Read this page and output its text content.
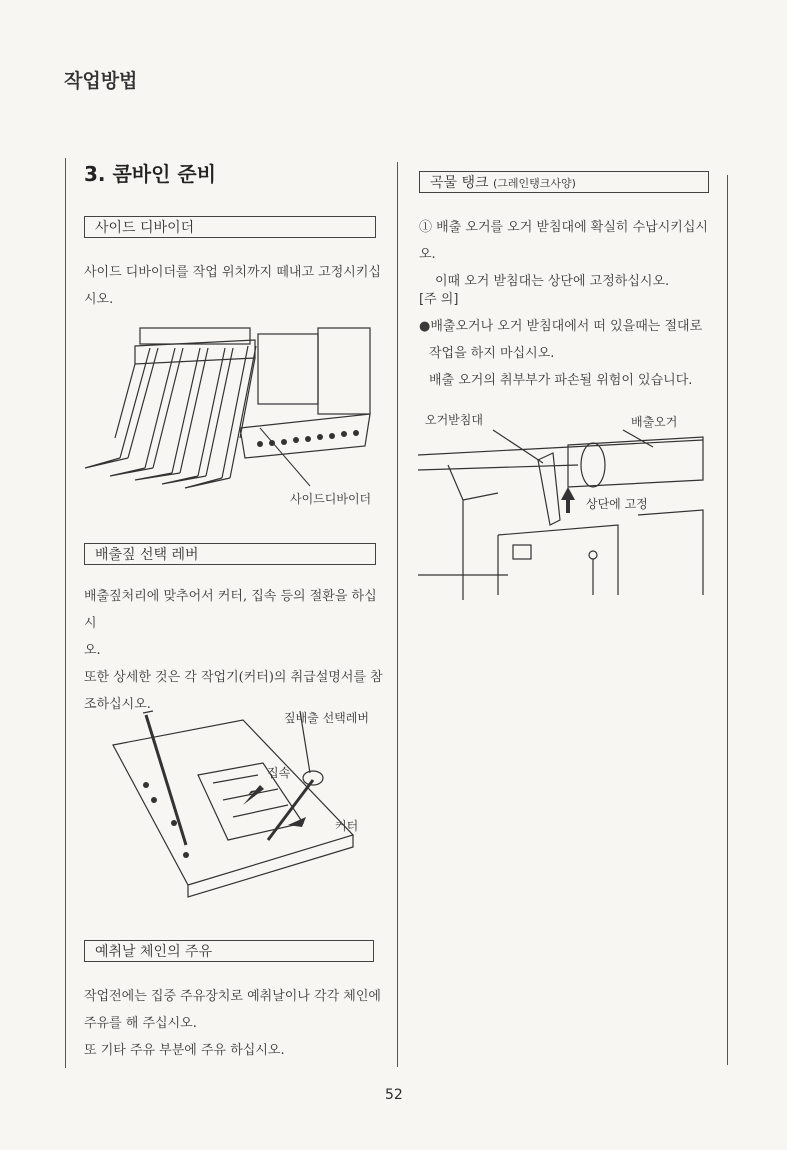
작업방법
3. 콤바인 준비
사이드 디바이더

사이드 디바이더를 작업 위치까지 떼내고 고정시키십

시오.

사이드디바이더
배출짚 선택 레버

배출짚처리에 맞추어서 커터, 집속 등의 절환을 하십시

오.

또한 상세한 것은 각 작업기(커터)의 취급설명서를 참

조하십시오.

짚배출 선택레버
집속
커터
예취날 체인의 주유

작업전에는 집중 주유장치로 예취날이나 각각 체인에

주유를 해 주십시오.

또 기타 주유 부분에 주유 하십시오.

곡물 탱크 (그레인탱크사양)

① 배출 오거를 오거 받침대에 확실히 수납시키십시오.

이때 오거 받침대는 상단에 고정하십시오.

[주 의]

●배출오거나 오거 받침대에서 떠 있을때는 절대로

작업을 하지 마십시오.

배출 오거의 취부부가 파손될 위험이 있습니다.

오거받침대	배출오거
상단에 고정
52
